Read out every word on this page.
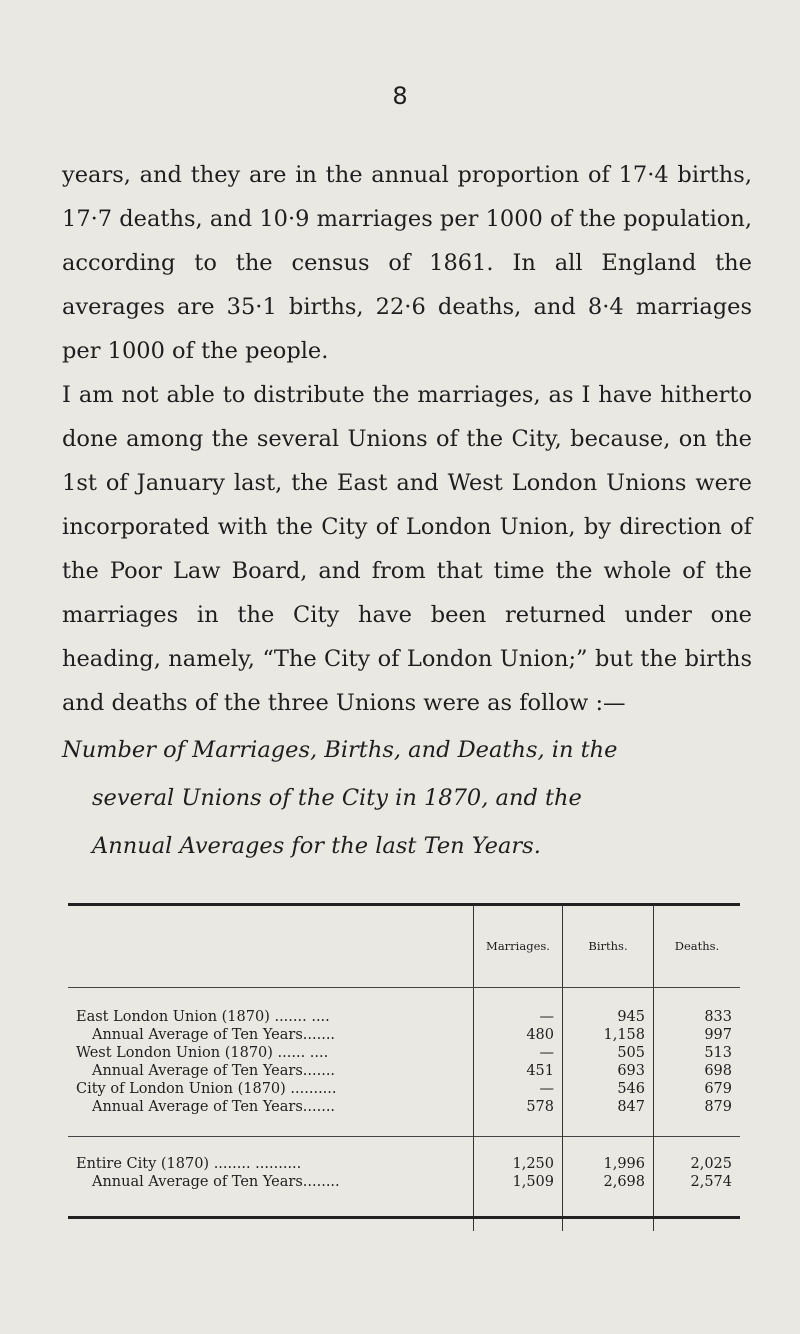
8
years, and they are in the annual proportion of 17·4 births, 17·7 deaths, and 10·9 marriages per 1000 of the population, according to the census of 1861. In all England the averages are 35·1 births, 22·6 deaths, and 8·4 marriages per 1000 of the people.
I am not able to distribute the marriages, as I have hitherto done among the several Unions of the City, because, on the 1st of January last, the East and West London Unions were incorporated with the City of London Union, by direction of the Poor Law Board, and from that time the whole of the marriages in the City have been returned under one heading, namely, “The City of London Union;” but the births and deaths of the three Unions were as follow :—
Number of Marriages, Births, and Deaths, in the
several Unions of the City in 1870, and the
Annual Averages for the last Ten Years.
	Marriages.	Births.	Deaths.

East London Union (1870) ....... ....	—	945	833
Annual Average of Ten Years.......	480	1,158	997
West London Union (1870) ...... ....	—	505	513
Annual Average of Ten Years.......	451	693	698
City of London Union (1870) ..........	—	546	679
Annual Average of Ten Years.......	578	847	879

Entire City (1870) ........ ..........	1,250	1,996	2,025
Annual Average of Ten Years........	1,509	2,698	2,574
